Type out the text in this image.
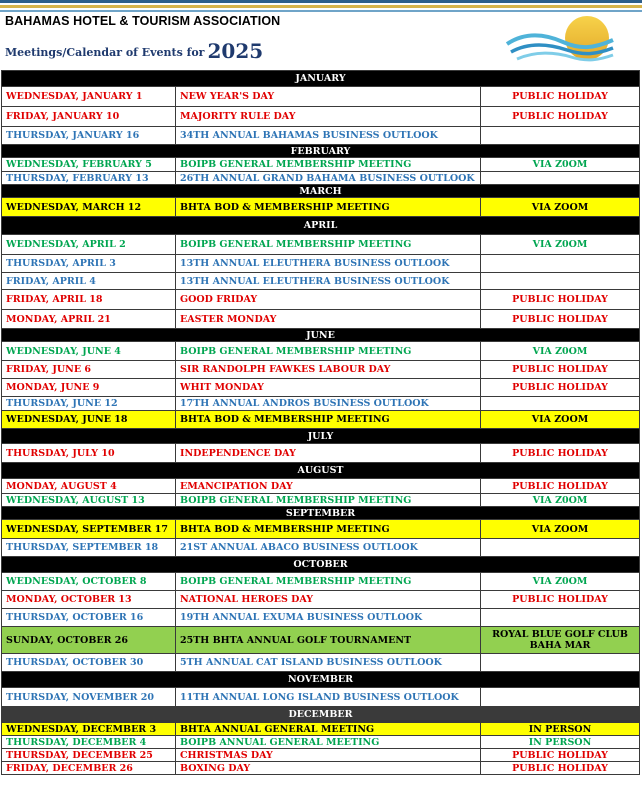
BAHAMAS HOTEL & TOURISM ASSOCIATION
Meetings/Calendar of Events for 2025
JANUARY		
WEDNESDAY, JANUARY 1	NEW YEAR'S DAY	PUBLIC HOLIDAY
FRIDAY, JANUARY 10	MAJORITY RULE DAY	PUBLIC HOLIDAY
THURSDAY, JANUARY 16	34TH ANNUAL BAHAMAS BUSINESS OUTLOOK	
FEBRUARY		
WEDNESDAY, FEBRUARY 5	BOIPB GENERAL MEMBERSHIP MEETING	VIA Z0OM
THURSDAY, FEBRUARY 13	26TH ANNUAL GRAND BAHAMA BUSINESS OUTLOOK	
MARCH		
WEDNESDAY, MARCH 12	BHTA BOD & MEMBERSHIP MEETING	VIA ZOOM
APRIL		
WEDNESDAY, APRIL 2	BOIPB GENERAL MEMBERSHIP MEETING	VIA Z0OM
THURSDAY, APRIL 3	13TH ANNUAL ELEUTHERA BUSINESS OUTLOOK	
FRIDAY, APRIL 4	13TH ANNUAL ELEUTHERA BUSINESS OUTLOOK	
FRIDAY, APRIL 18	GOOD FRIDAY	PUBLIC HOLIDAY
MONDAY, APRIL 21	EASTER MONDAY	PUBLIC HOLIDAY
JUNE		
WEDNESDAY, JUNE 4	BOIPB GENERAL MEMBERSHIP MEETING	VIA Z0OM
FRIDAY, JUNE 6	SIR RANDOLPH FAWKES LABOUR DAY	PUBLIC HOLIDAY
MONDAY, JUNE 9	WHIT MONDAY	PUBLIC HOLIDAY
THURSDAY, JUNE 12	17TH ANNUAL ANDROS BUSINESS OUTLOOK	
WEDNESDAY, JUNE 18	BHTA BOD & MEMBERSHIP MEETING	VIA ZOOM
JULY		
THURSDAY, JULY 10	INDEPENDENCE DAY	PUBLIC HOLIDAY
AUGUST		
MONDAY, AUGUST 4	EMANCIPATION DAY	PUBLIC HOLIDAY
WEDNESDAY, AUGUST 13	BOIPB GENERAL MEMBERSHIP MEETING	VIA Z0OM
SEPTEMBER		
WEDNESDAY, SEPTEMBER 17	BHTA BOD & MEMBERSHIP MEETING	VIA ZOOM
THURSDAY, SEPTEMBER 18	21ST ANNUAL ABACO BUSINESS OUTLOOK	
OCTOBER		
WEDNESDAY, OCTOBER 8	BOIPB GENERAL MEMBERSHIP MEETING	VIA Z0OM
MONDAY, OCTOBER 13	NATIONAL HEROES DAY	PUBLIC HOLIDAY
THURSDAY, OCTOBER 16	19TH ANNUAL EXUMA BUSINESS OUTLOOK	
SUNDAY, OCTOBER 26	25TH BHTA ANNUAL GOLF TOURNAMENT	ROYAL BLUE GOLF CLUB
BAHA MAR

THURSDAY, OCTOBER 30	5TH ANNUAL CAT ISLAND BUSINESS OUTLOOK	
NOVEMBER		
THURSDAY, NOVEMBER 20	11TH ANNUAL LONG ISLAND BUSINESS OUTLOOK	
DECEMBER		
WEDNESDAY, DECEMBER 3	BHTA ANNUAL GENERAL MEETING	IN PERSON
THURSDAY, DECEMBER 4	BOIPB ANNUAL GENERAL MEETING	IN PERSON
THURSDAY, DECEMBER 25	CHRISTMAS DAY	PUBLIC HOLIDAY
FRIDAY, DECEMBER 26	BOXING DAY	PUBLIC HOLIDAY
